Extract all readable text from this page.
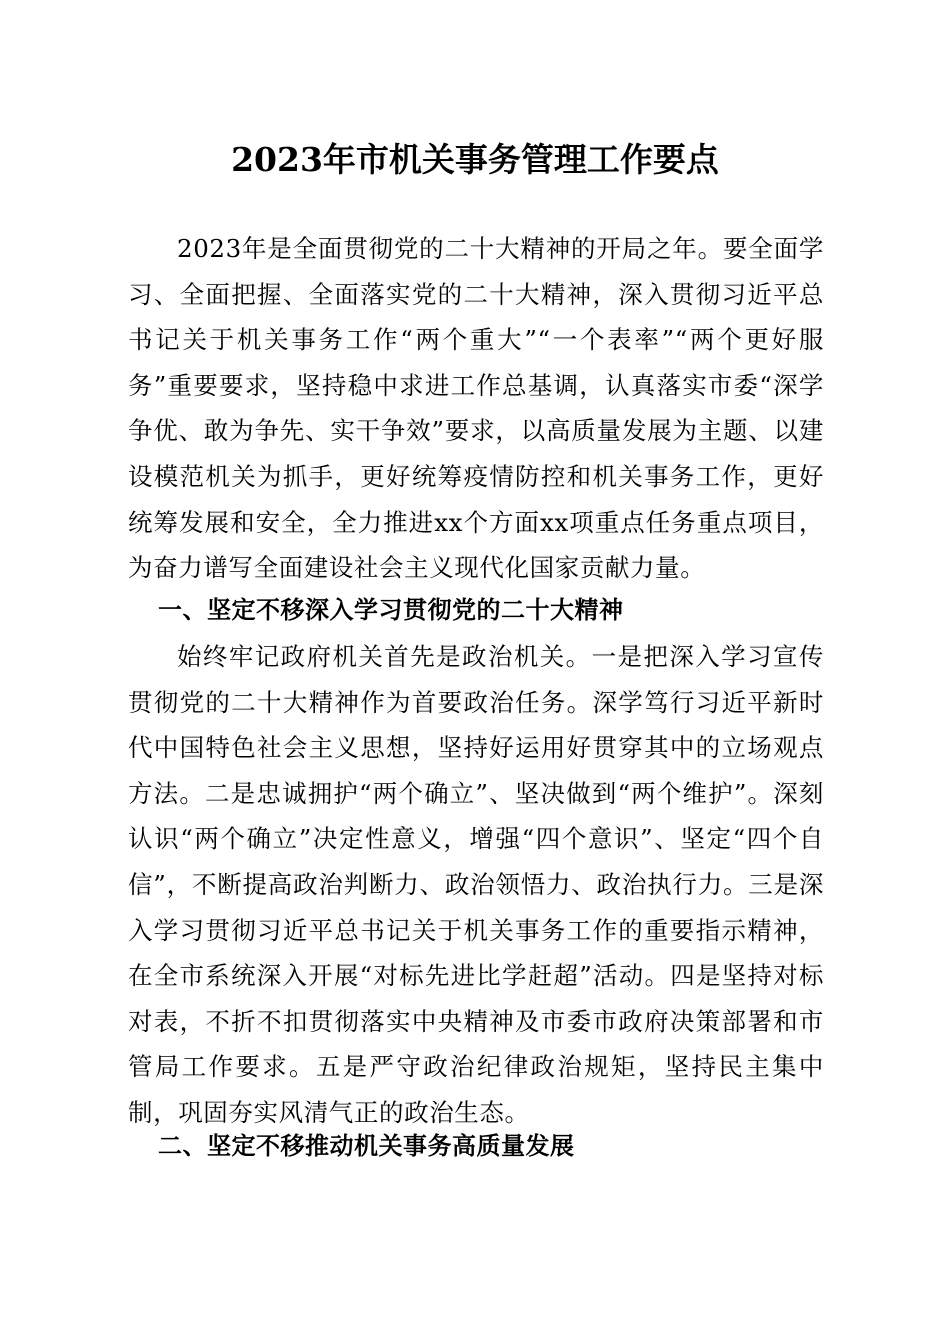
2023年市机关事务管理工作要点

2023年是全面贯彻党的二十大精神的开局之年。要全面学习、全面把握、全面落实党的二十大精神，深入贯彻习近平总书记关于机关事务工作“两个重大”“一个表率”“两个更好服务”重要要求，坚持稳中求进工作总基调，认真落实市委“深学争优、敢为争先、实干争效”要求，以高质量发展为主题、以建设模范机关为抓手，更好统筹疫情防控和机关事务工作，更好统筹发展和安全，全力推进xx个方面xx项重点任务重点项目，为奋力谱写全面建设社会主义现代化国家贡献力量。

一、坚定不移深入学习贯彻党的二十大精神

始终牢记政府机关首先是政治机关。一是把深入学习宣传贯彻党的二十大精神作为首要政治任务。深学笃行习近平新时代中国特色社会主义思想，坚持好运用好贯穿其中的立场观点方法。二是忠诚拥护“两个确立”、坚决做到“两个维护”。深刻认识“两个确立”决定性意义，增强“四个意识”、坚定“四个自信”，不断提高政治判断力、政治领悟力、政治执行力。三是深入学习贯彻习近平总书记关于机关事务工作的重要指示精神，在全市系统深入开展“对标先进比学赶超”活动。四是坚持对标对表，不折不扣贯彻落实中央精神及市委市政府决策部署和市管局工作要求。五是严守政治纪律政治规矩，坚持民主集中制，巩固夯实风清气正的政治生态。

二、坚定不移推动机关事务高质量发展
